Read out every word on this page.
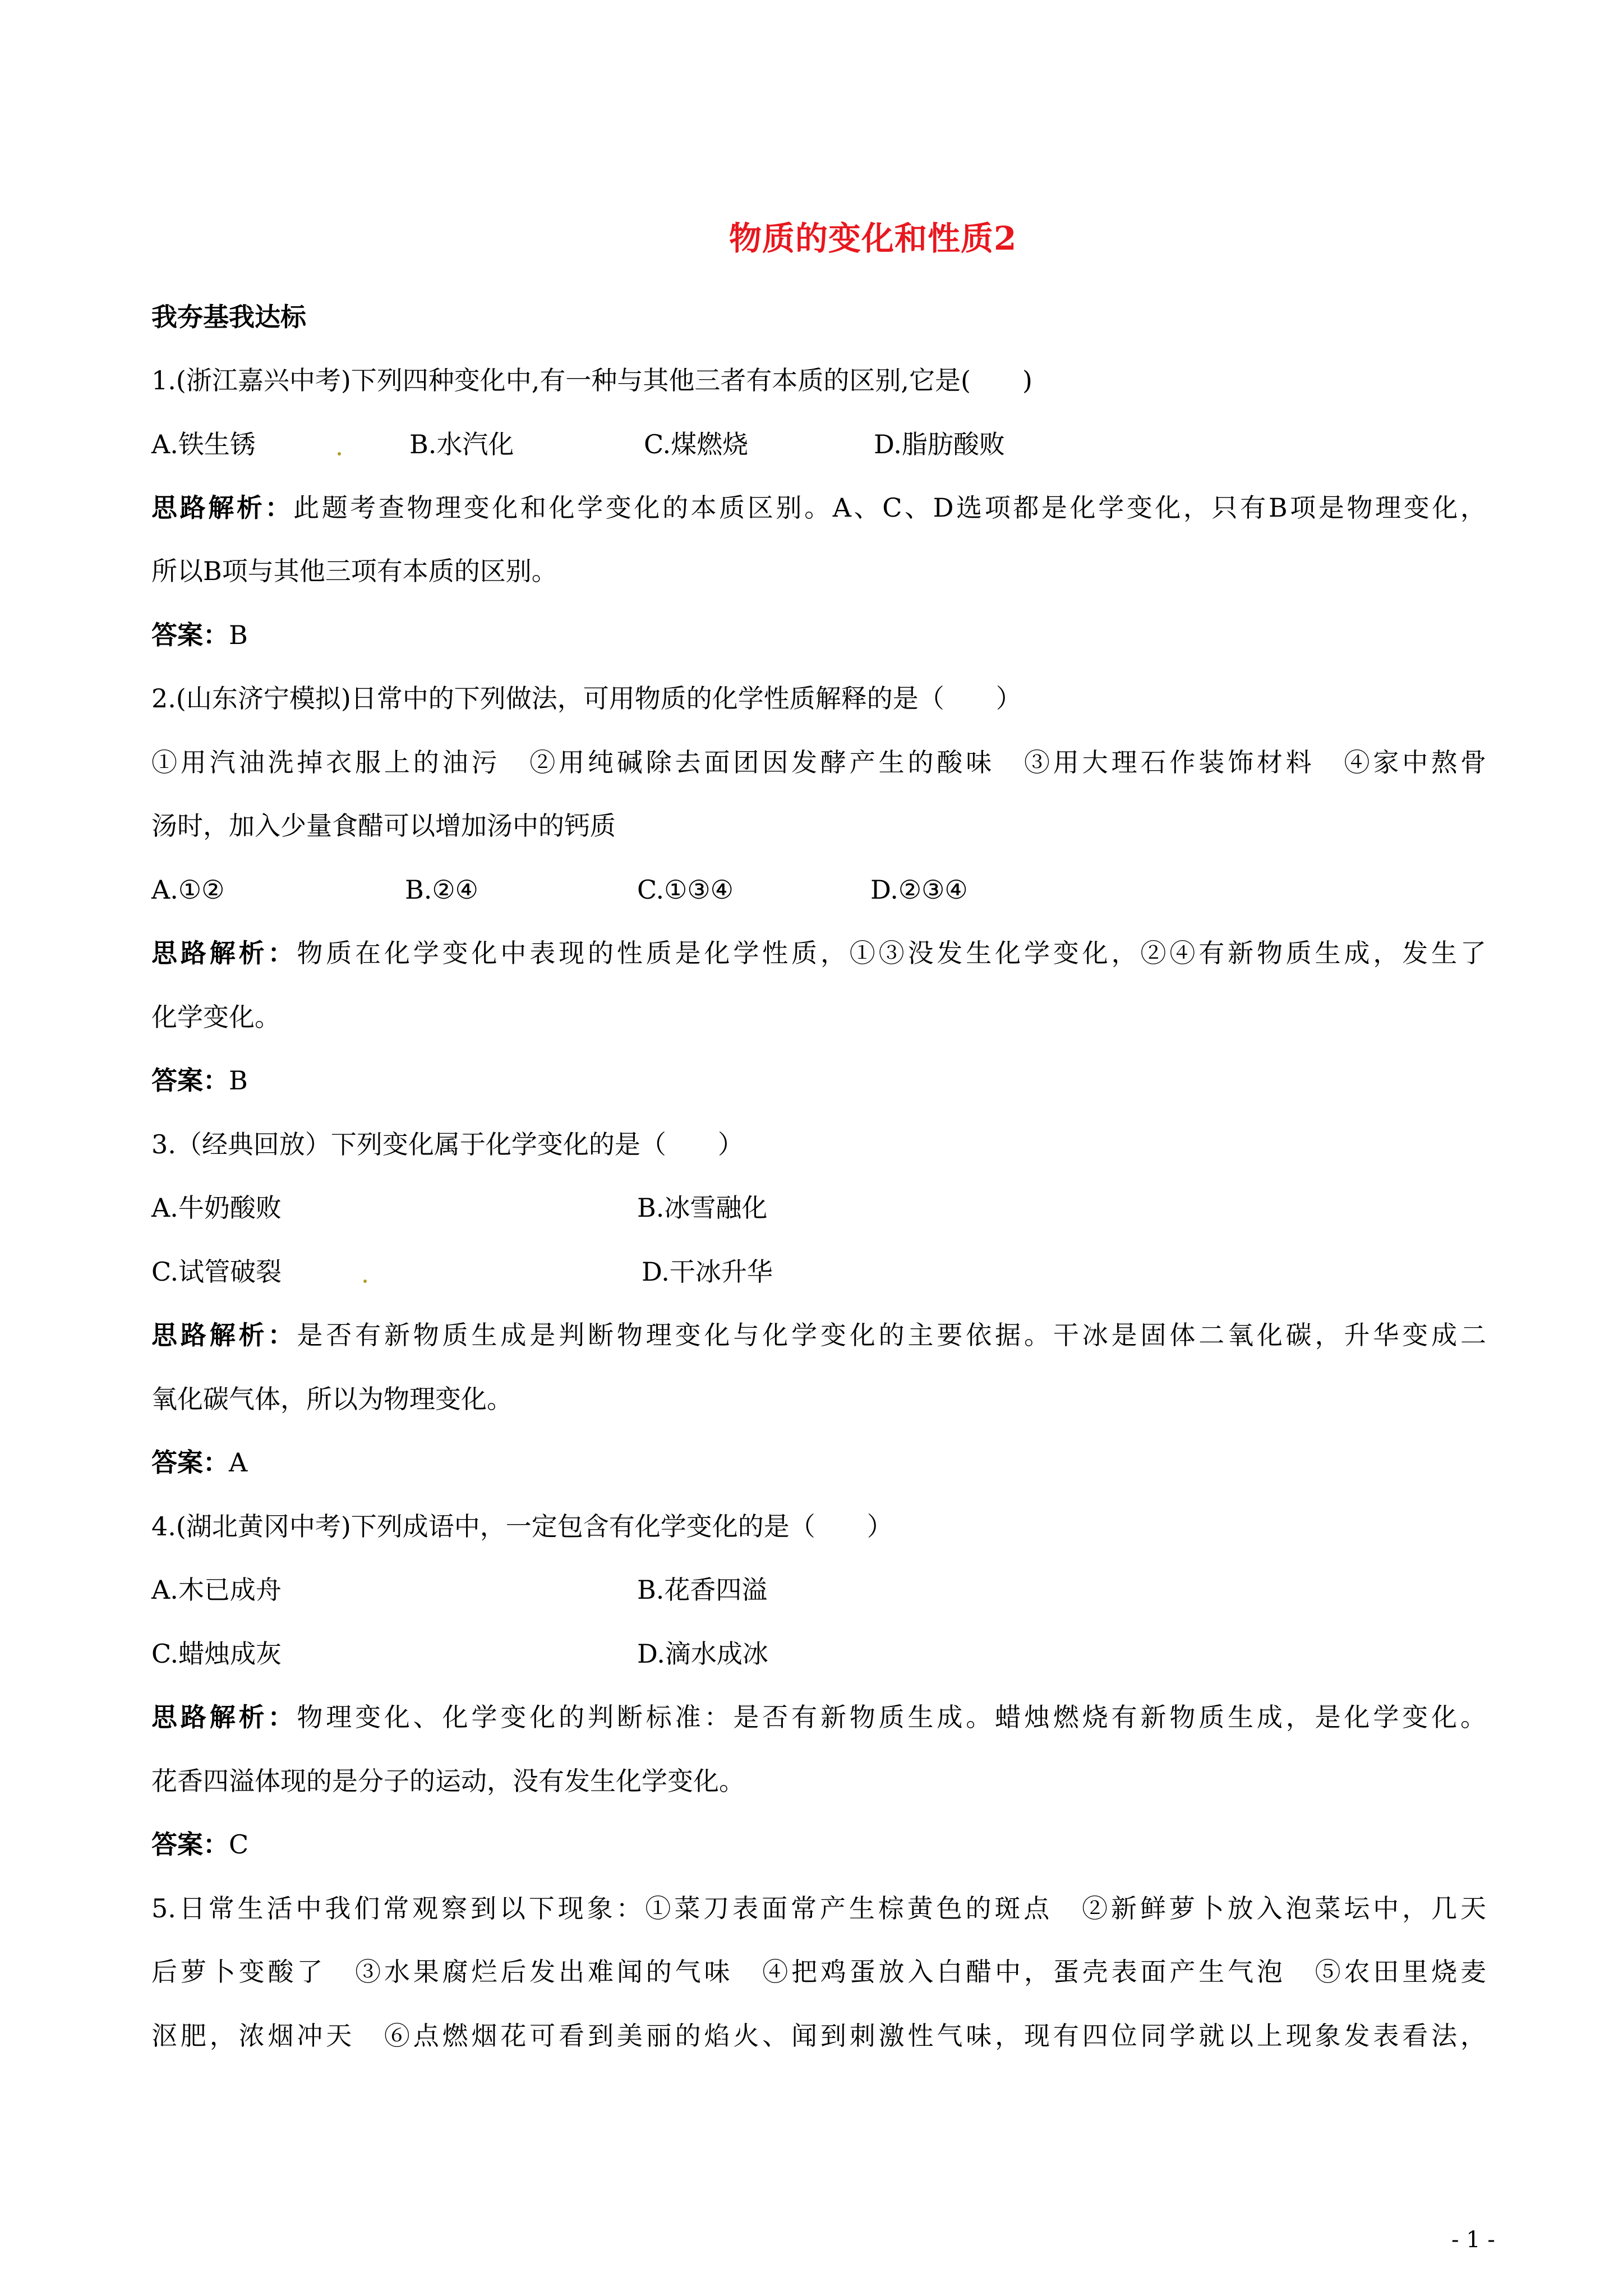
物质的变化和性质2
我夯基我达标
1.(浙江嘉兴中考)下列四种变化中,有一种与其他三者有本质的区别,它是(　　)
A.铁生锈	B.水汽化	C.煤燃烧	D.脂肪酸败
思路解析：此题考查物理变化和化学变化的本质区别。A、C、D选项都是化学变化，只有B项是物理变化，
所以B项与其他三项有本质的区别。
答案：B
2.(山东济宁模拟)日常中的下列做法，可用物质的化学性质解释的是（　　）
①用汽油洗掉衣服上的油污　②用纯碱除去面团因发酵产生的酸味　③用大理石作装饰材料　④家中熬骨
汤时，加入少量食醋可以增加汤中的钙质
A.①②	B.②④	C.①③④	D.②③④
思路解析：物质在化学变化中表现的性质是化学性质，①③没发生化学变化，②④有新物质生成，发生了
化学变化。
答案：B
3.（经典回放）下列变化属于化学变化的是（　　）
A.牛奶酸败	B.冰雪融化
C.试管破裂	D.干冰升华
思路解析：是否有新物质生成是判断物理变化与化学变化的主要依据。干冰是固体二氧化碳，升华变成二
氧化碳气体，所以为物理变化。
答案：A
4.(湖北黄冈中考)下列成语中，一定包含有化学变化的是（　　）
A.木已成舟	B.花香四溢
C.蜡烛成灰	D.滴水成冰
思路解析：物理变化、化学变化的判断标准：是否有新物质生成。蜡烛燃烧有新物质生成，是化学变化。
花香四溢体现的是分子的运动，没有发生化学变化。
答案：C
5.日常生活中我们常观察到以下现象：①菜刀表面常产生棕黄色的斑点　②新鲜萝卜放入泡菜坛中，几天
后萝卜变酸了　③水果腐烂后发出难闻的气味　④把鸡蛋放入白醋中，蛋壳表面产生气泡　⑤农田里烧麦
沤肥，浓烟冲天　⑥点燃烟花可看到美丽的焰火、闻到刺激性气味，现有四位同学就以上现象发表看法，
- 1 -
